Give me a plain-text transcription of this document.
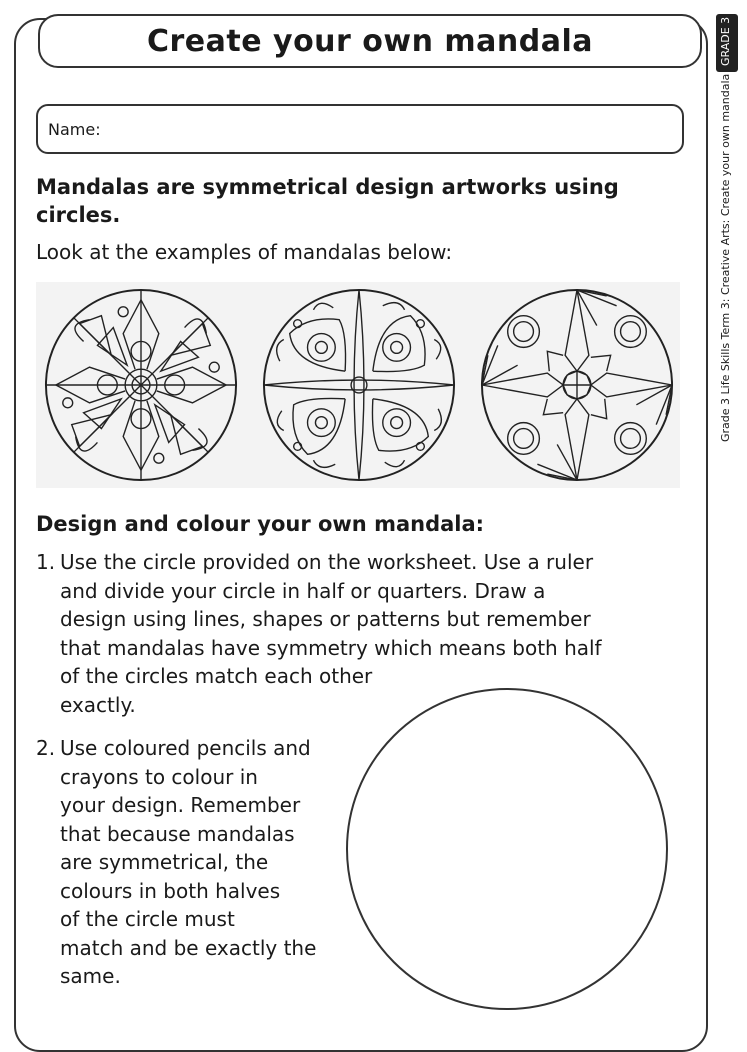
Create your own mandala
Name:

Mandalas are symmetrical design artworks using circles.

Look at the examples of mandalas below:

Design and colour your own mandala:

1. Use the circle provided on the worksheet. Use a ruler
and divide your circle in half or quarters. Draw a
design using lines, shapes or patterns but remember
that mandalas have symmetry which means both half
of the circles match each other
exactly.
2. Use coloured pencils and
crayons to colour in
your design. Remember
that because mandalas
are symmetrical, the
colours in both halves
of the circle must
match and be exactly the
same.
GRADE 3
Grade 3 Life Skills Term 3: Creative Arts: Create your own mandala
